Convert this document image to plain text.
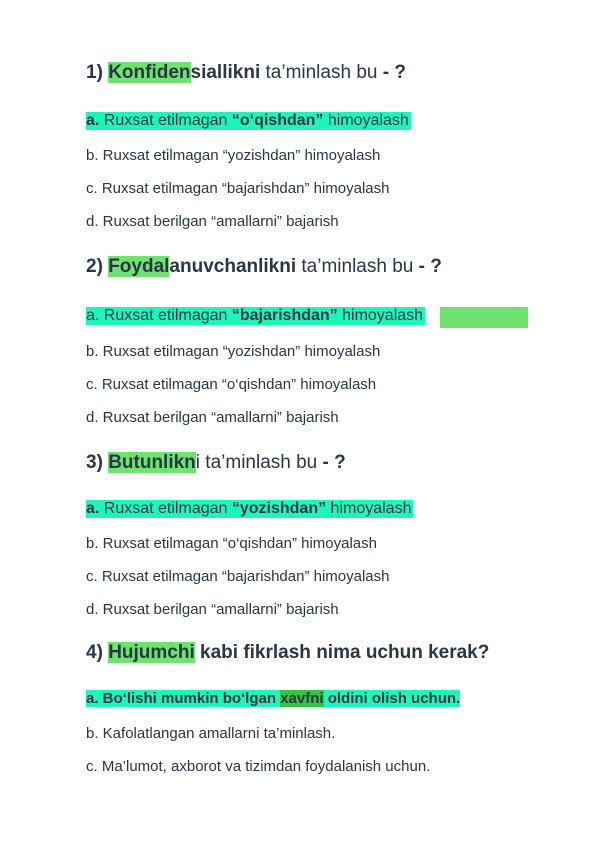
1) Konfidensiallikni ta’minlash bu - ?
a. Ruxsat etilmagan “o‘qishdan” himoyalash
b. Ruxsat etilmagan “yozishdan” himoyalash
c. Ruxsat etilmagan “bajarishdan” himoyalash
d. Ruxsat berilgan “amallarni” bajarish
2) Foydalanuvchanlikni ta’minlash bu - ?
a. Ruxsat etilmagan “bajarishdan” himoyalash
b. Ruxsat etilmagan “yozishdan” himoyalash
c. Ruxsat etilmagan “o‘qishdan” himoyalash
d. Ruxsat berilgan “amallarni” bajarish
3) Butunlikni ta’minlash bu - ?
a. Ruxsat etilmagan “yozishdan” himoyalash
b. Ruxsat etilmagan “o‘qishdan” himoyalash
c. Ruxsat etilmagan “bajarishdan” himoyalash
d. Ruxsat berilgan “amallarni” bajarish
4) Hujumchi kabi fikrlash nima uchun kerak?
a. Bo‘lishi mumkin bo‘lgan xavfni oldini olish uchun.
b. Kafolatlangan amallarni ta’minlash.
c. Ma’lumot, axborot va tizimdan foydalanish uchun.
